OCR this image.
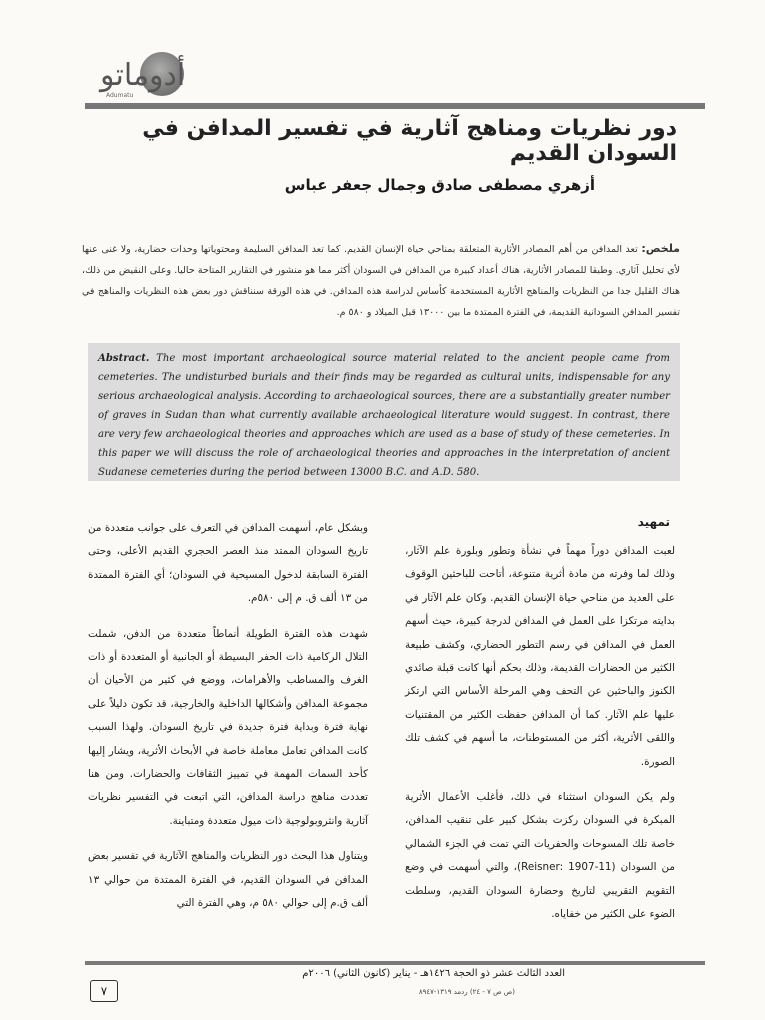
أدوماتو
Adumatu
دور نظريات ومناهج آثارية في تفسير المدافن في السودان القديم
أزهري مصطفى صادق وجمال جعفر عباس
ملخص: تعد المدافن من أهم المصادر الأثارية المتعلقة بمناحي حياة الإنسان القديم. كما تعد المدافن السليمة ومحتوياتها وحدات حضارية، ولا غنى عنها لأي تحليل آثاري. وطبقا للمصادر الأثارية، هناك أعداد كبيرة من المدافن في السودان أكثر مما هو منشور في التقارير المتاحة حاليا. وعلى النقيض من ذلك، هناك القليل جدا من النظريات والمناهج الأثارية المستخدمة كأساس لدراسة هذه المدافن. في هذه الورقة سنناقش دور بعض هذه النظريات والمناهج في تفسير المدافن السودانية القديمة، في الفترة الممتدة ما بين ١٣٠٠٠ قبل الميلاد و ٥٨٠ م.

Abstract. The most important archaeological source material related to the ancient people came from cemeteries. The undisturbed burials and their finds may be regarded as cultural units, indispensable for any serious archaeological analysis. According to archaeological sources, there are a substantially greater number of graves in Sudan than what currently available archaeological literature would suggest. In contrast, there are very few archaeological theories and approaches which are used as a base of study of these cemeteries. In this paper we will discuss the role of archaeological theories and approaches in the interpretation of ancient Sudanese cemeteries during the period between 13000 B.C. and A.D. 580.

تمهيد

لعبت المدافن دوراً مهماً في نشأة وتطور وبلورة علم الآثار، وذلك لما وفرته من مادة أثرية متنوعة، أتاحت للباحثين الوقوف على العديد من مناحي حياة الإنسان القديم. وكان علم الآثار في بدايته مرتكزا على العمل في المدافن لدرجة كبيرة، حيث أسهم العمل في المدافن في رسم التطور الحضاري، وكشف طبيعة الكثير من الحضارات القديمة، وذلك بحكم أنها كانت قبلة صائدي الكنوز والباحثين عن التحف وهي المرحلة الأساس التي ارتكز عليها علم الآثار. كما أن المدافن حفظت الكثير من المقتنيات واللقى الأثرية، أكثر من المستوطنات، ما أسهم في كشف تلك الصورة.

ولم يكن السودان استثناء في ذلك، فأغلب الأعمال الأثرية المبكرة في السودان ركزت بشكل كبير على تنقيب المدافن، خاصة تلك المسوحات والحفريات التي تمت في الجزء الشمالي من السودان (Reisner: 1907-11)، والتي أسهمت في وضع التقويم التقريبي لتاريخ وحضارة السودان القديم، وسلطت الضوء على الكثير من خفاياه.

وبشكل عام، أسهمت المدافن في التعرف على جوانب متعددة من تاريخ السودان الممتد منذ العصر الحجري القديم الأعلى، وحتى الفترة السابقة لدخول المسيحية في السودان؛ أي الفترة الممتدة من ١٣ ألف ق. م إلى ٥٨٠م.

شهدت هذه الفترة الطويلة أنماطاً متعددة من الدفن، شملت التلال الركامية ذات الحفر البسيطة أو الجانبية أو المتعددة أو ذات الغرف والمساطب والأهرامات، ووضع في كثير من الأحيان أن مجموعة المدافن وأشكالها الداخلية والخارجية، قد تكون دليلاً على نهاية فترة وبداية فترة جديدة في تاريخ السودان. ولهذا السبب كانت المدافن تعامل معاملة خاصة في الأبحاث الأثرية، ويشار إليها كأحد السمات المهمة في تمييز الثقافات والحضارات. ومن هنا تعددت مناهج دراسة المدافن، التي اتبعت في التفسير نظريات آثارية وانثروبولوجية ذات ميول متعددة ومتباينة.

ويتناول هذا البحث دور النظريات والمناهج الآثارية في تفسير بعض المدافن في السودان القديم، في الفترة الممتدة من حوالي ١٣ ألف ق.م إلى حوالي ٥٨٠ م، وهي الفترة التي

٧
العدد الثالث عشر ذو الحجة ١٤٢٦هـ - يناير (كانون الثاني) ٢٠٠٦م
(ص ص ٧ - ٢٤) ردمد ١٣١٩-٨٩٤٧
